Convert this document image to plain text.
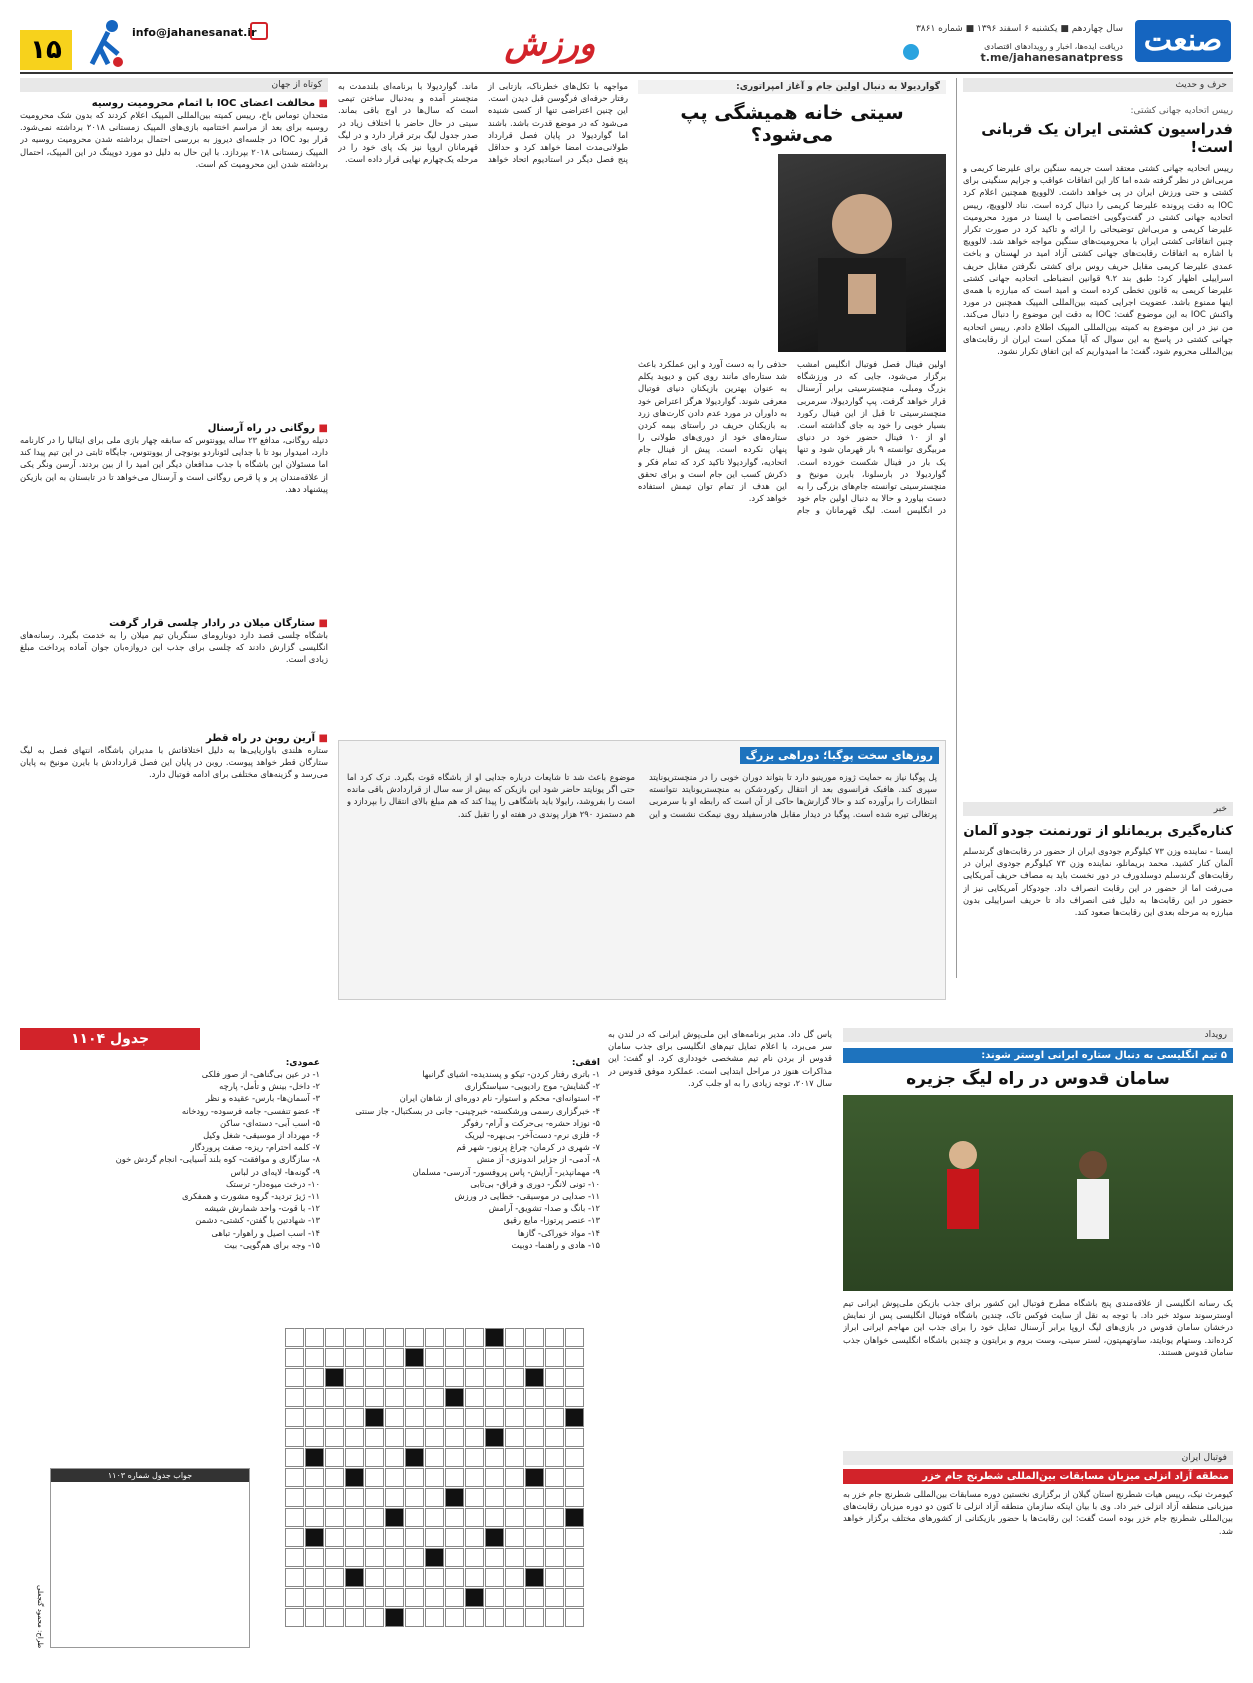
صنعت
سال چهاردهم ■ یکشنبه ۶ اسفند ۱۳۹۶ ■ شماره ۳۸۶۱
دریافت ایده‌ها، اخبار و رویدادهای اقتصادی
t.me/jahanesanatpress
ورزش
info@jahanesanat.ir
۱۵
حرف و حدیث
رییس اتحادیه جهانی کشتی:
فدراسیون کشتی ایران یک قربانی است!
رییس اتحادیه جهانی کشتی معتقد است جریمه سنگین برای علیرضا کریمی و مربی‌اش در نظر گرفته شده اما کار این اتفاقات عواقب و جرایم سنگینی برای کشتی و حتی ورزش ایران در پی خواهد داشت. لالوویچ همچنین اعلام کرد IOC به دقت پرونده علیرضا کریمی را دنبال کرده است. نناد لالوویچ، رییس اتحادیه جهانی کشتی در گفت‌وگویی اختصاصی با ایسنا در مورد محرومیت علیرضا کریمی و مربی‌اش توضیحاتی را ارائه و تاکید کرد در صورت تکرار چنین اتفاقاتی کشتی ایران با محرومیت‌های سنگین مواجه خواهد شد. لالوویچ با اشاره به اتفاقات رقابت‌های جهانی کشتی آزاد امید در لهستان و باخت عمدی علیرضا کریمی مقابل حریف روس برای کشتی نگرفتن مقابل حریف اسراییلی اظهار کرد: طبق بند ۹.۲ قوانین انضباطی اتحادیه جهانی کشتی علیرضا کریمی به قانون تخطی کرده است و امید است که مبارزه با همه‌ی اینها ممنوع باشد. عضویت اجرایی کمیته بین‌المللی المپیک همچنین در مورد واکنش IOC به این موضوع گفت: IOC به دقت این موضوع را دنبال می‌کند. من نیز در این موضوع به کمیته بین‌المللی المپیک اطلاع دادم. رییس اتحادیه جهانی کشتی در پاسخ به این سوال که آیا ممکن است ایران از رقابت‌های بین‌المللی محروم شود، گفت: ما امیدواریم که این اتفاق تکرار نشود.
خبر
کناره‌گیری بریمانلو از تورنمنت جودو آلمان
ایسنا - نماینده وزن ۷۳ کیلوگرم جودوی ایران از حضور در رقابت‌های گرندسلم آلمان کنار کشید. محمد بریمانلو، نماینده وزن ۷۳ کیلوگرم جودوی ایران در رقابت‌های گرندسلم دوسلدورف در دور نخست باید به مصاف حریف آمریکایی می‌رفت اما از حضور در این رقابت انصراف داد. جودوکار آمریکایی نیز از حضور در این رقابت‌ها به دلیل فنی انصراف داد تا حریف اسراییلی بدون مبارزه به مرحله بعدی این رقابت‌ها صعود کند.
گواردیولا به دنبال اولین جام و آغاز امپراتوری:
سیتی خانه همیشگی پپ می‌شود؟
اولین فینال فصل فوتبال انگلیس امشب برگزار می‌شود، جایی که در ورزشگاه بزرگ ومبلی، منچسترسیتی برابر آرسنال قرار خواهد گرفت. پپ گواردیولا، سرمربی منچسترسیتی تا قبل از این فینال رکورد بسیار خوبی را خود به جای گذاشته است. او از ۱۰ فینال حضور خود در دنیای مربیگری توانسته ۹ بار قهرمان شود و تنها یک بار در فینال شکست خورده است. گواردیولا در بارسلونا، بایرن مونیخ و منچسترسیتی توانسته جام‌های بزرگی را به دست بیاورد و حالا به دنبال اولین جام خود در انگلیس است. لیگ قهرمانان و جام حذفی را به دست آورد و این عملکرد باعث شد ستاره‌ای مانند روی کین و دیوید یکلم به عنوان بهترین بازیکنان دنیای فوتبال معرفی شوند. گواردیولا هرگز اعتراض خود به داوران در مورد عدم دادن کارت‌های زرد به بازیکنان حریف در راستای بیمه کردن ستاره‌های خود از دوری‌های طولانی را پنهان نکرده است. پیش از فینال جام اتحادیه، گواردیولا تاکید کرد که تمام فکر و ذکرش کسب این جام است و برای تحقق این هدف از تمام توان تیمش استفاده خواهد کرد.
مواجهه با تکل‌های خطرناک، بازتابی از رفتار حرفه‌ای فرگوسن قبل دیدن است. این چنین اعتراضی تنها از کسی شنیده می‌شود که در موضع قدرت باشد. باشند اما گواردیولا در پایان فصل قرارداد طولانی‌مدت امضا خواهد کرد و حداقل پنج فصل دیگر در استادیوم اتحاد خواهد ماند. گواردیولا با برنامه‌ای بلندمدت به منچستر آمده و به‌دنبال ساختن تیمی است که سال‌ها در اوج باقی بماند. سیتی در حال حاضر با اختلاف زیاد در صدر جدول لیگ برتر قرار دارد و در لیگ قهرمانان اروپا نیز یک پای خود را در مرحله یک‌چهارم نهایی قرار داده است.
کوتاه از جهان
■ مخالفت اعضای IOC با اتمام محرومیت روسیه
متحدان توماس باخ، رییس کمیته بین‌المللی المپیک اعلام کردند که بدون شک محرومیت روسیه برای بعد از مراسم اختتامیه بازی‌های المپیک زمستانی ۲۰۱۸ برداشته نمی‌شود. قرار بود IOC در جلسه‌ای دیروز به بررسی احتمال برداشته شدن محرومیت روسیه در المپیک زمستانی ۲۰۱۸ بپردازد. با این حال به دلیل دو مورد دوپینگ در این المپیک، احتمال برداشته شدن این محرومیت کم است.
■ روگانی در راه آرسنال
دنیله روگانی، مدافع ۲۳ ساله یوونتوس که سابقه چهار بازی ملی برای ایتالیا را در کارنامه دارد، امیدوار بود تا با جدایی لئوناردو بونوچی از یوونتوس، جایگاه ثابتی در این تیم پیدا کند اما مسئولان این باشگاه با جذب مدافعان دیگر این امید را از بین بردند. آرسن ونگر یکی از علاقه‌مندان پر و پا قرص روگانی است و آرسنال می‌خواهد تا در تابستان به این بازیکن پیشنهاد دهد.
■ ستارگان میلان در رادار چلسی قرار گرفت
باشگاه چلسی قصد دارد دونارومای سنگربان تیم میلان را به خدمت بگیرد. رسانه‌های انگلیسی گزارش دادند که چلسی برای جذب این دروازه‌بان جوان آماده پرداخت مبلغ زیادی است.
■ آرین روبن در راه قطر
ستاره هلندی باواریایی‌ها به دلیل اختلافاتش با مدیران باشگاه، انتهای فصل به لیگ ستارگان قطر خواهد پیوست. روبن در پایان این فصل قراردادش با بایرن مونیخ به پایان می‌رسد و گزینه‌های مختلفی برای ادامه فوتبال دارد.
روزهای سخت پوگبا؛ دوراهی بزرگ
پل پوگبا نیاز به حمایت ژوزه مورینیو دارد تا بتواند دوران خوبی را در منچستریونایتد سپری کند. هافبک فرانسوی بعد از انتقال رکوردشکن به منچستریونایتد نتوانسته انتظارات را برآورده کند و حالا گزارش‌ها حاکی از آن است که رابطه او با سرمربی پرتغالی تیره شده است. پوگبا در دیدار مقابل هادرسفیلد روی نیمکت نشست و این موضوع باعث شد تا شایعات درباره جدایی او از باشگاه قوت بگیرد. ترک کرد اما حتی اگر یونایتد حاضر شود این بازیکن که بیش از سه سال از قراردادش باقی مانده است را بفروشد، رایولا باید باشگاهی را پیدا کند که هم مبلغ بالای انتقال را بپردازد و هم دستمزد ۲۹۰ هزار پوندی در هفته او را تقبل کند.
رویداد
۵ تیم انگلیسی به دنبال ستاره ایرانی اوستر شوند:
سامان قدوس در راه لیگ جزیره
یک رسانه انگلیسی از علاقه‌مندی پنج باشگاه مطرح فوتبال این کشور برای جذب بازیکن ملی‌پوش ایرانی تیم اوسترسوند سوئد خبر داد. با توجه به نقل از سایت فوکس تاک، چندین باشگاه فوتبال انگلیسی پس از نمایش درخشان سامان قدوس در بازی‌های لیگ اروپا برابر آرسنال تمایل خود را برای جذب این مهاجم ایرانی ابراز کرده‌اند. وستهام یونایتد، ساوتهمپتون، لستر سیتی، وست بروم و برایتون و چندین باشگاه انگلیسی خواهان جذب سامان قدوس هستند.
فوتبال ایران
منطقه آزاد انزلی میزبان مسابقات بین‌المللی شطرنج جام خزر
کیومرث نیک، رییس هیات شطرنج استان گیلان از برگزاری نخستین دوره مسابقات بین‌المللی شطرنج جام خزر به میزبانی منطقه آزاد انزلی خبر داد. وی با بیان اینکه سازمان منطقه آزاد انزلی تا کنون دو دوره میزبان رقابت‌های بین‌المللی شطرنج جام خزر بوده است گفت: این رقابت‌ها با حضور بازیکنانی از کشورهای مختلف برگزار خواهد شد.
یاس گل داد. مدیر برنامه‌های این ملی‌پوش ایرانی که در لندن به سر می‌برد، با اعلام تمایل تیم‌های انگلیسی برای جذب سامان قدوس از بردن نام تیم مشخصی خودداری کرد. او گفت: این مذاکرات هنوز در مراحل ابتدایی است. عملکرد موفق قدوس در سال ۲۰۱۷، توجه زیادی را به او جلب کرد.
جدول ۱۱۰۴
افقی:
۱- باتری رفتار کردن- تیکو و پسندیده- اشیای گرانبها
۲- گشایش- موج رادیویی- سیاستگزاری
۳- استوانه‌ای- محکم و استوار- نام دوره‌ای از شاهان ایران
۴- خبرگزاری رسمی ورشکسته- خبرچینی- جانی در بسکتبال- جاز سنتی
۵- نوزاد حشره- بی‌حرکت و آرام- رفوگر
۶- فلزی نرم- دست‌آخر- بی‌بهره- لیریک
۷- شهری در کرمان- چراغ پرنور- شهر قم
۸- آدمی- از جزایر اندونزی- آز منش
۹- مهمانپذیر- آرایش- پاس پروفسور- آدرسی- مسلمان
۱۰- تونی لانگر- دوری و فراق- بی‌تابی
۱۱- صدایی در موسیقی- خطایی در ورزش
۱۲- بانگ و صدا- تشویق- آرامش
۱۳- عنصر پرتوزا- مایع رقیق
۱۴- مواد خوراکی- گازها
۱۵- هادی و راهنما- دوبیت
عمودی:
۱- در عین بی‌گناهی- از صور فلکی
۲- داخل- بینش و تأمل- پارچه
۳- آسمان‌ها- بارس- عقیده و نظر
۴- عضو تنفسی- جامه فرسوده- رودخانه
۵- اسب آبی- دسته‌ای- ساکن
۶- مهرداد از موسیقی- شغل وکیل
۷- کلمه احترام- ریزه- صفت پروردگار
۸- سازگاری و موافقت- کوه بلند آسیایی- انجام گردش خون
۹- گونه‌ها- لایه‌ای در لباس
۱۰- درخت میوه‌دار- ترستک
۱۱- ژیژ تردید- گروه مشورت و همفکری
۱۲- با قوت- واحد شمارش شیشه
۱۳- شهادتین با گفتن- کشتی- دشمن
۱۴- اسب اصیل و راهوار- تباهی
۱۵- وجه برای هم‌گویی- بیت
جواب جدول شماره ۱۱۰۳
طراح: محمود گنجعلی
